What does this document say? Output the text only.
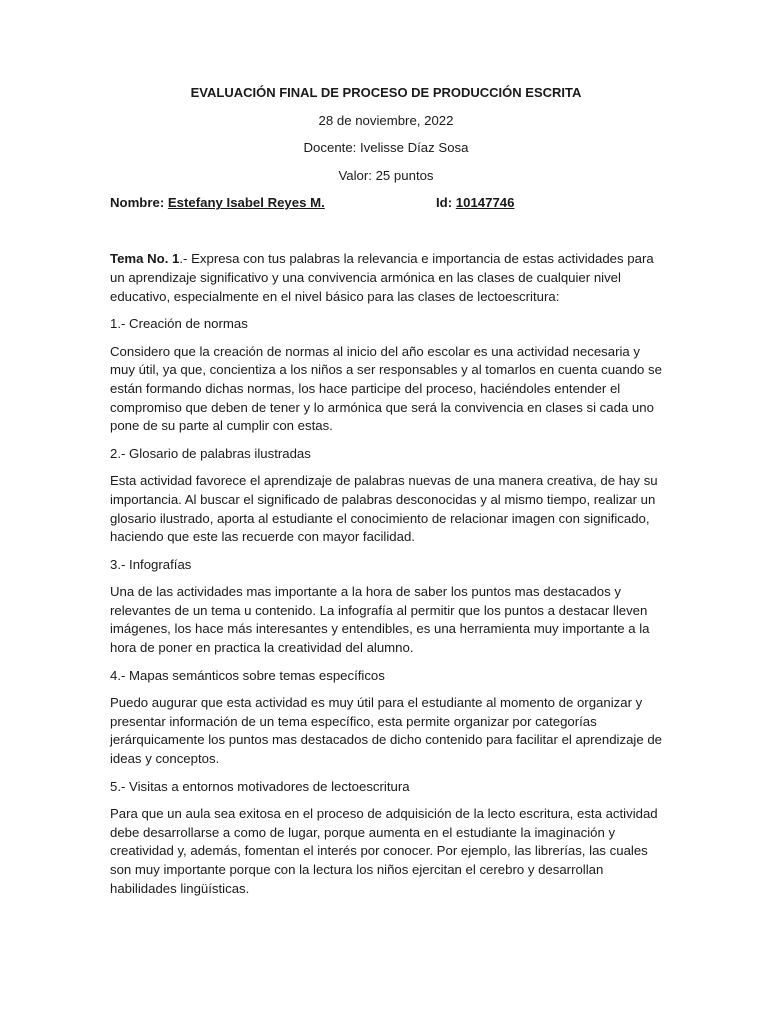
EVALUACIÓN FINAL DE PROCESO DE PRODUCCIÓN ESCRITA

28 de noviembre, 2022

Docente: Ivelisse Díaz Sosa

Valor: 25 puntos

Nombre: Estefany Isabel Reyes M.	Id: 10147746

Tema No. 1.- Expresa con tus palabras la relevancia e importancia de estas actividades para un aprendizaje significativo y una convivencia armónica en las clases de cualquier nivel educativo, especialmente en el nivel básico para las clases de lectoescritura:

1.- Creación de normas

Considero que la creación de normas al inicio del año escolar es una actividad necesaria y muy útil, ya que, concientiza a los niños a ser responsables y al tomarlos en cuenta cuando se están formando dichas normas, los hace participe del proceso, haciéndoles entender el compromiso que deben de tener y lo armónica que será la convivencia en clases si cada uno pone de su parte al cumplir con estas.

2.- Glosario de palabras ilustradas

Esta actividad favorece el aprendizaje de palabras nuevas de una manera creativa, de hay su importancia. Al buscar el significado de palabras desconocidas y al mismo tiempo, realizar un glosario ilustrado, aporta al estudiante el conocimiento de relacionar imagen con significado, haciendo que este las recuerde con mayor facilidad.

3.- Infografías

Una de las actividades mas importante a la hora de saber los puntos mas destacados y relevantes de un tema u contenido. La infografía al permitir que los puntos a destacar lleven imágenes, los hace más interesantes y entendibles, es una herramienta muy importante a la hora de poner en practica la creatividad del alumno.

4.- Mapas semánticos sobre temas específicos

Puedo augurar que esta actividad es muy útil para el estudiante al momento de organizar y presentar información de un tema específico, esta permite organizar por categorías jerárquicamente los puntos mas destacados de dicho contenido para facilitar el aprendizaje de ideas y conceptos.

5.- Visitas a entornos motivadores de lectoescritura

Para que un aula sea exitosa en el proceso de adquisición de la lecto escritura, esta actividad debe desarrollarse a como de lugar, porque aumenta en el estudiante la imaginación y creatividad y, además, fomentan el interés por conocer. Por ejemplo, las librerías, las cuales son muy importante porque con la lectura los niños ejercitan el cerebro y desarrollan habilidades lingüísticas.
